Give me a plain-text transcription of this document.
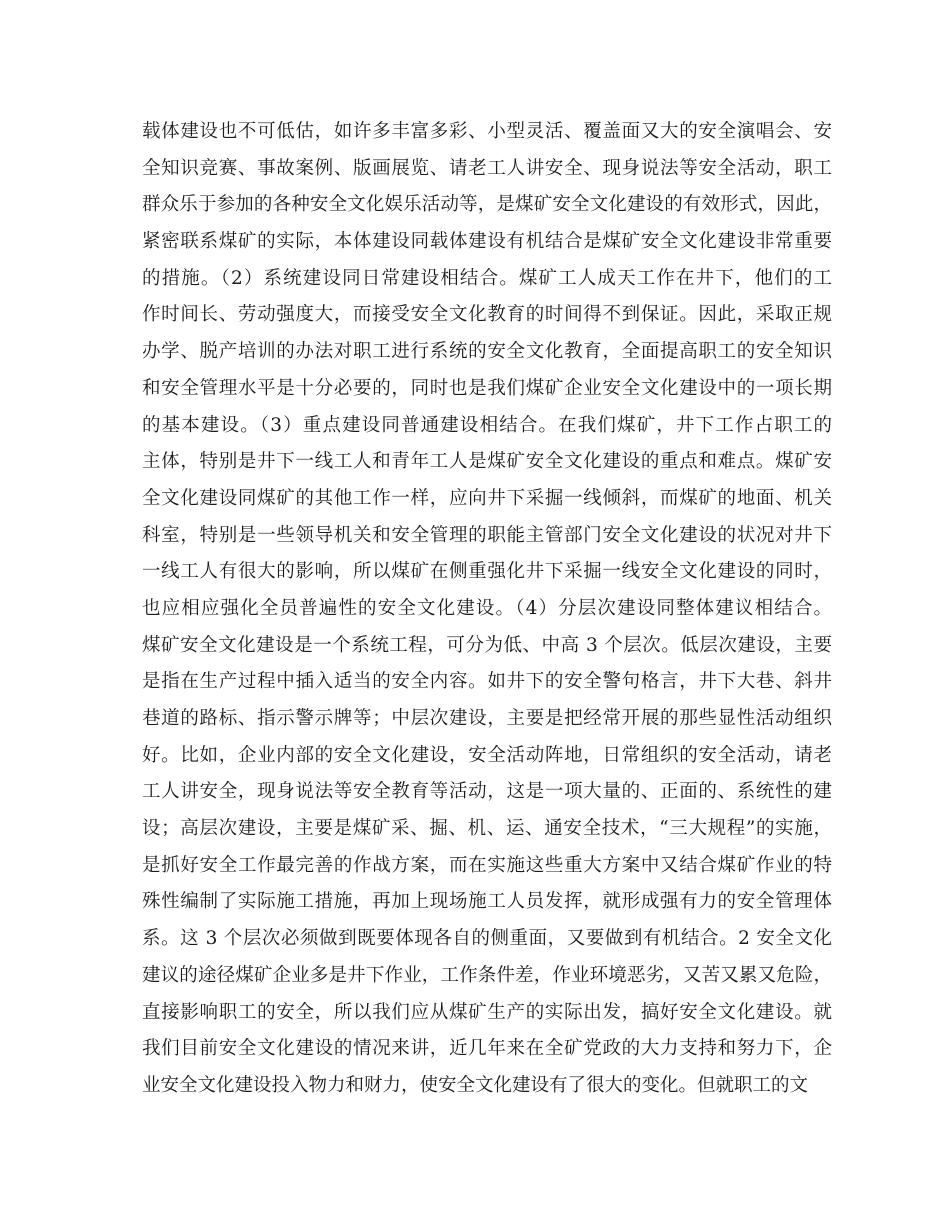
载体建设也不可低估，如许多丰富多彩、小型灵活、覆盖面又大的安全演唱会、安
全知识竞赛、事故案例、版画展览、请老工人讲安全、现身说法等安全活动，职工
群众乐于参加的各种安全文化娱乐活动等，是煤矿安全文化建设的有效形式，因此，
紧密联系煤矿的实际，本体建设同载体建设有机结合是煤矿安全文化建设非常重要
的措施。（2）系统建设同日常建设相结合。煤矿工人成天工作在井下，他们的工
作时间长、劳动强度大，而接受安全文化教育的时间得不到保证。因此，采取正规
办学、脱产培训的办法对职工进行系统的安全文化教育，全面提高职工的安全知识
和安全管理水平是十分必要的，同时也是我们煤矿企业安全文化建设中的一项长期
的基本建设。（3）重点建设同普通建设相结合。在我们煤矿，井下工作占职工的
主体，特别是井下一线工人和青年工人是煤矿安全文化建设的重点和难点。煤矿安
全文化建设同煤矿的其他工作一样，应向井下采掘一线倾斜，而煤矿的地面、机关
科室，特别是一些领导机关和安全管理的职能主管部门安全文化建设的状况对井下
一线工人有很大的影响，所以煤矿在侧重强化井下采掘一线安全文化建设的同时，
也应相应强化全员普遍性的安全文化建设。（4）分层次建设同整体建议相结合。
煤矿安全文化建设是一个系统工程，可分为低、中高 3 个层次。低层次建设，主要
是指在生产过程中插入适当的安全内容。如井下的安全警句格言，井下大巷、斜井
巷道的路标、指示警示牌等；中层次建设，主要是把经常开展的那些显性活动组织
好。比如，企业内部的安全文化建设，安全活动阵地，日常组织的安全活动，请老
工人讲安全，现身说法等安全教育等活动，这是一项大量的、正面的、系统性的建
设；高层次建设，主要是煤矿采、掘、机、运、通安全技术，“三大规程”的实施，
是抓好安全工作最完善的作战方案，而在实施这些重大方案中又结合煤矿作业的特
殊性编制了实际施工措施，再加上现场施工人员发挥，就形成强有力的安全管理体
系。这 3 个层次必须做到既要体现各自的侧重面，又要做到有机结合。2 安全文化
建议的途径煤矿企业多是井下作业，工作条件差，作业环境恶劣，又苦又累又危险，
直接影响职工的安全，所以我们应从煤矿生产的实际出发，搞好安全文化建设。就
我们目前安全文化建设的情况来讲，近几年来在全矿党政的大力支持和努力下，企
业安全文化建设投入物力和财力，使安全文化建设有了很大的变化。但就职工的文
